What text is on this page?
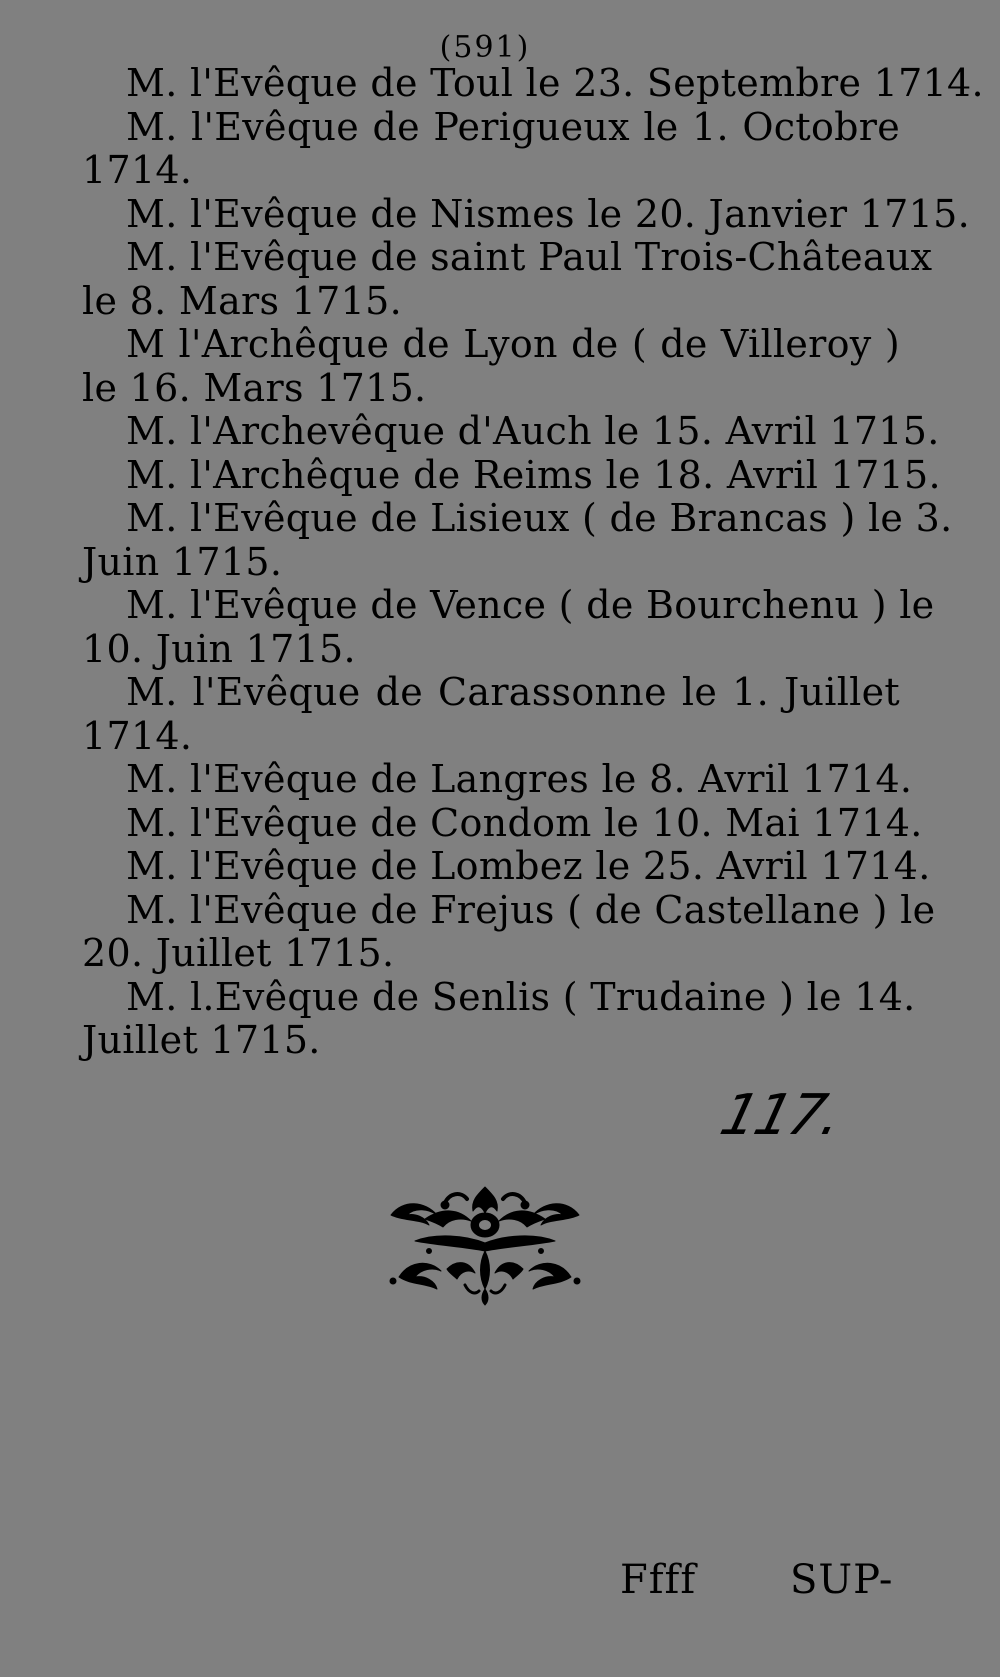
(591)
M. l'Evêque de Toul le 23. Septembre 1714.
M. l'Evêque de Perigueux le 1. Octobre
1714.
M. l'Evêque de Nismes le 20. Janvier 1715.
M. l'Evêque de saint Paul Trois-Châteaux
le 8. Mars 1715.
M l'Archêque de Lyon de ( de Villeroy )
le 16. Mars 1715.
M. l'Archevêque d'Auch le 15. Avril 1715.
M. l'Archêque de Reims le 18. Avril 1715.
M. l'Evêque de Lisieux ( de Brancas ) le 3.
Juin 1715.
M. l'Evêque de Vence ( de Bourchenu ) le
10. Juin 1715.
M. l'Evêque de Carassonne le 1. Juillet
1714.
M. l'Evêque de Langres le 8. Avril 1714.
M. l'Evêque de Condom le 10. Mai 1714.
M. l'Evêque de Lombez le 25. Avril 1714.
M. l'Evêque de Frejus ( de Castellane ) le
20. Juillet 1715.
M. l.Evêque de Senlis ( Trudaine ) le 14.
Juillet 1715.
117.
Ffff SUP-
